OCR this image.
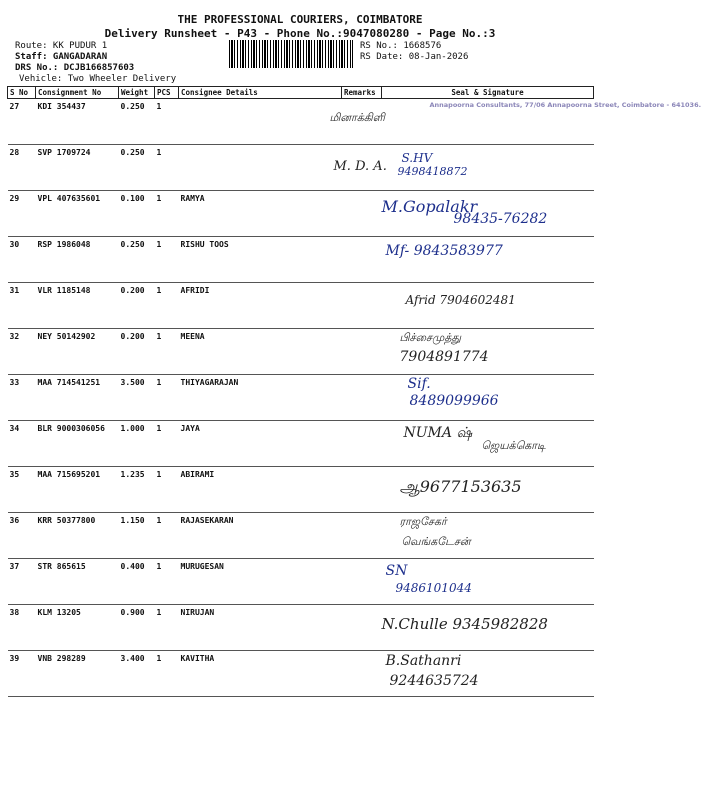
THE PROFESSIONAL COURIERS, COIMBATORE
Delivery Runsheet - P43 - Phone No.:9047080280 - Page No.:3
Route: KK PUDUR 1
Staff: GANGADARAN
DRS No.: DCJB166857603
Vehicle: Two Wheeler Delivery
RS No.: 1668576
RS Date: 08-Jan-2026
S No	Consignment No	Weight	PCS	Consignee Details	Remarks	Seal & Signature
27	KDI 354437	0.250	1			Annapoorna Consultants, 77/06 Annapoorna Street, Coimbatore - 641036.
மினாக்கிளி

28	SVP 1709724	0.250	1			M. D. A.
S.HV
9498418872

29	VPL 407635601	0.100	1	RAMYA		M.Gopalakr
98435-76282

30	RSP 1986048	0.250	1	RISHU TOOS		Mf- 9843583977

31	VLR 1185148	0.200	1	AFRIDI		Afrid 7904602481

32	NEY 50142902	0.200	1	MEENA		பிச்சைமுத்து
7904891774

33	MAA 714541251	3.500	1	THIYAGARAJAN		Sif.
8489099966

34	BLR 9000306056	1.000	1	JAYA		NUMA ஷ்
ஜெயக்கொடி

35	MAA 715695201	1.235	1	ABIRAMI		ஆ9677153635

36	KRR 50377800	1.150	1	RAJASEKARAN		ராஜசேகர்
வெங்கடேசன்

37	STR 865615	0.400	1	MURUGESAN		SN
9486101044

38	KLM 13205	0.900	1	NIRUJAN		N.Chulle 9345982828

39	VNB 298289	3.400	1	KAVITHA		B.Sathanri
9244635724
